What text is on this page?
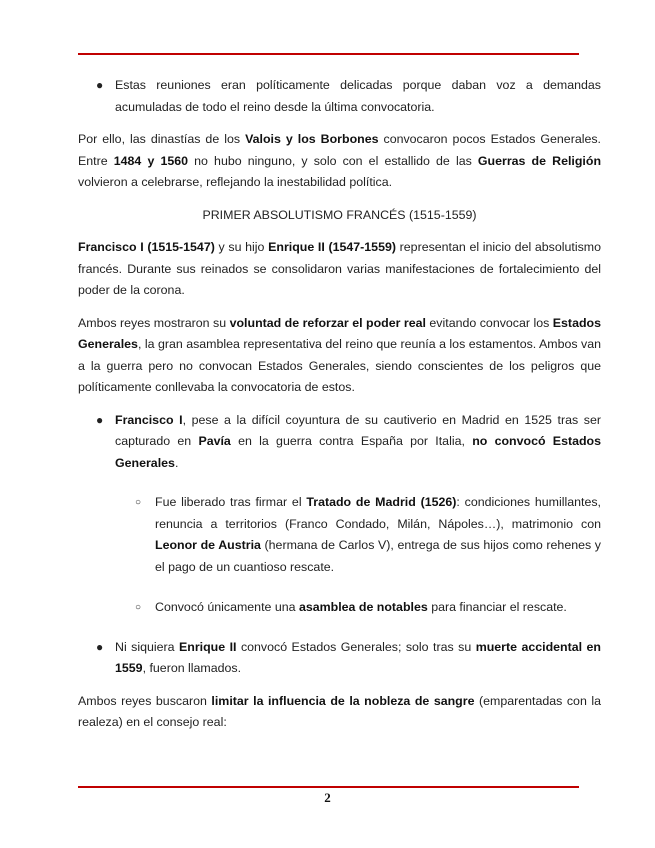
● Estas reuniones eran políticamente delicadas porque daban voz a demandas acumuladas de todo el reino desde la última convocatoria.

Por ello, las dinastías de los Valois y los Borbones convocaron pocos Estados Generales. Entre 1484 y 1560 no hubo ninguno, y solo con el estallido de las Guerras de Religión volvieron a celebrarse, reflejando la inestabilidad política.

PRIMER ABSOLUTISMO FRANCÉS (1515-1559)

Francisco I (1515-1547) y su hijo Enrique II (1547-1559) representan el inicio del absolutismo francés. Durante sus reinados se consolidaron varias manifestaciones de fortalecimiento del poder de la corona.

Ambos reyes mostraron su voluntad de reforzar el poder real evitando convocar los Estados Generales, la gran asamblea representativa del reino que reunía a los estamentos. Ambos van a la guerra pero no convocan Estados Generales, siendo conscientes de los peligros que políticamente conllevaba la convocatoria de estos.

● Francisco I, pese a la difícil coyuntura de su cautiverio en Madrid en 1525 tras ser capturado en Pavía en la guerra contra España por Italia, no convocó Estados Generales.

○ Fue liberado tras firmar el Tratado de Madrid (1526): condiciones humillantes, renuncia a territorios (Franco Condado, Milán, Nápoles…), matrimonio con Leonor de Austria (hermana de Carlos V), entrega de sus hijos como rehenes y el pago de un cuantioso rescate.

○ Convocó únicamente una asamblea de notables para financiar el rescate.

● Ni siquiera Enrique II convocó Estados Generales; solo tras su muerte accidental en 1559, fueron llamados.

Ambos reyes buscaron limitar la influencia de la nobleza de sangre (emparentadas con la realeza) en el consejo real:

2
